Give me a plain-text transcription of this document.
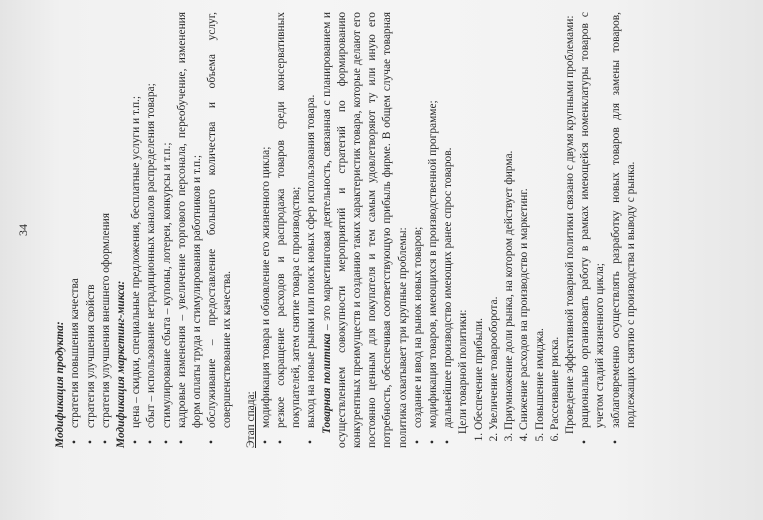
34
Модификация продукта: • стратегия повышения качества • стратегия улучшения свойств • стратегия улучшения внешнего оформления Модификация маркетинг-микса: • цена – скидки, специальные предложения, бесплатные услуги и т.п.; • сбыт – использование нетрадиционных каналов распределения товара; • стимулирование сбыта – купоны, лотереи, конкурсы и т.п.; • кадровые изменения – увеличение торгового персонала, переобучение, изменения форм оплаты труда и стимулирования работников и т.п.; • обслуживание – предоставление большего количества и объема услуг, совершенствование их качества. Этап спада: • модификация товара и обновление его жизненного цикла; • резкое сокращение расходов и распродажа товаров среди консервативных покупателей, затем снятие товара с производства; • выход на новые рынки или поиск новых сфер использования товара. Товарная политика – это маркетинговая деятельность, связанная с планированием и осуществлением совокупности мероприятий и стратегий по формированию конкурентных преимуществ и созданию таких характеристик товара, которые делают его постоянно ценным для покупателя и тем самым удовлетворяют ту или иную его потребность, обеспечивая соответствующую прибыль фирме. В общем случае товарная политика охватывает три крупные проблемы: • создание и ввод на рынок новых товаров; • модификация товаров, имеющихся в производственной программе; • дальнейшее производство имеющих ранее спрос товаров. Цели товарной политики: 1. Обеспечение прибыли. 2. Увеличение товарооборота. 3. Приумножение доли рынка, на котором действует фирма. 4. Снижение расходов на производство и маркетинг. 5. Повышение имиджа. 6. Рассеивание риска. Проведение эффективной товарной политики связано с двумя крупными проблемами: • рационально организовать работу в рамках имеющейся номенклатуры товаров с учетом стадий жизненного цикла; • заблаговременно осуществлять разработку новых товаров для замены товаров, подлежащих снятию с производства и выводу с рынка.
